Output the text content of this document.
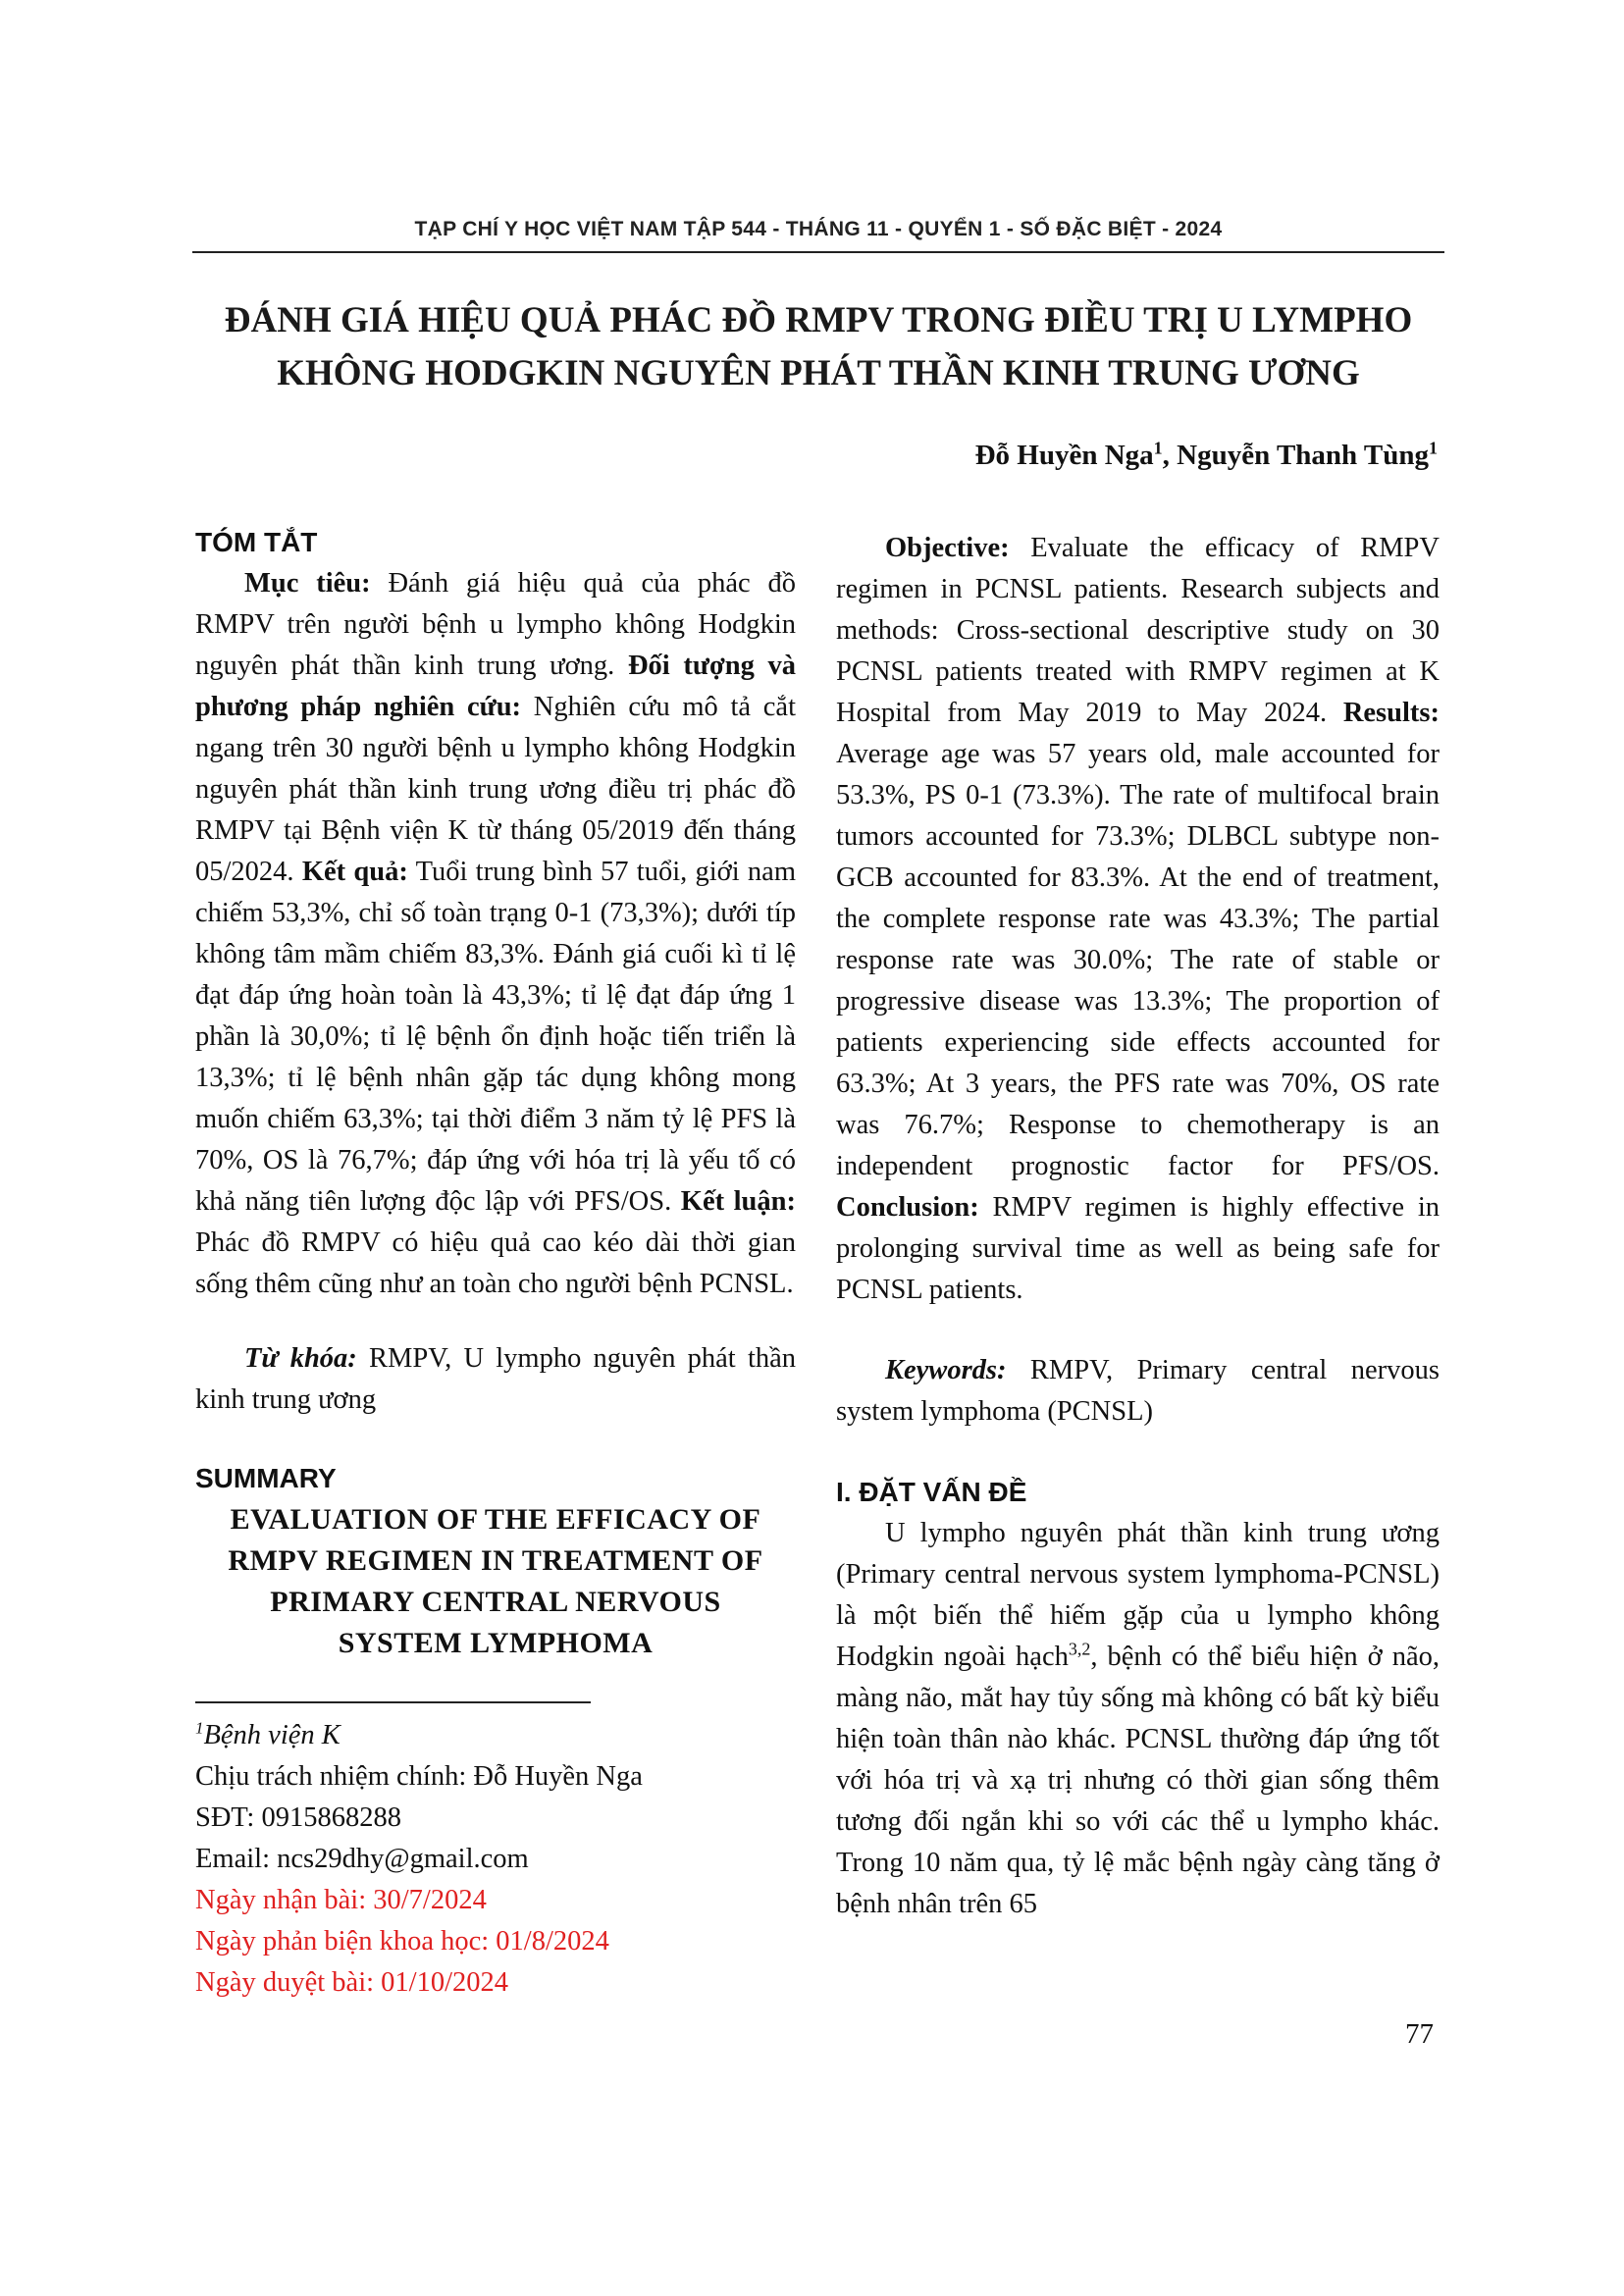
TẠP CHÍ Y HỌC VIỆT NAM TẬP 544 - THÁNG 11 - QUYỂN 1 - SỐ ĐẶC BIỆT - 2024
ĐÁNH GIÁ HIỆU QUẢ PHÁC ĐỒ RMPV TRONG ĐIỀU TRỊ U LYMPHO
KHÔNG HODGKIN NGUYÊN PHÁT THẦN KINH TRUNG ƯƠNG
Đỗ Huyền Nga$^1$, Nguyễn Thanh Tùng$^1$
TÓM TẮT
Mục tiêu: Đánh giá hiệu quả của phác đồ RMPV trên người bệnh u lympho không Hodgkin nguyên phát thần kinh trung ương. Đối tượng và phương pháp nghiên cứu: Nghiên cứu mô tả cắt ngang trên 30 người bệnh u lympho không Hodgkin nguyên phát thần kinh trung ương điều trị phác đồ RMPV tại Bệnh viện K từ tháng 05/2019 đến tháng 05/2024. Kết quả: Tuổi trung bình 57 tuổi, giới nam chiếm 53,3%, chỉ số toàn trạng 0-1 (73,3%); dưới típ không tâm mầm chiếm 83,3%. Đánh giá cuối kì tỉ lệ đạt đáp ứng hoàn toàn là 43,3%; tỉ lệ đạt đáp ứng 1 phần là 30,0%; tỉ lệ bệnh ổn định hoặc tiến triển là 13,3%; tỉ lệ bệnh nhân gặp tác dụng không mong muốn chiếm 63,3%; tại thời điểm 3 năm tỷ lệ PFS là 70%, OS là 76,7%; đáp ứng với hóa trị là yếu tố có khả năng tiên lượng độc lập với PFS/OS. Kết luận: Phác đồ RMPV có hiệu quả cao kéo dài thời gian sống thêm cũng như an toàn cho người bệnh PCNSL.
Từ khóa: RMPV, U lympho nguyên phát thần kinh trung ương
SUMMARY
EVALUATION OF THE EFFICACY OF
RMPV REGIMEN IN TREATMENT OF
PRIMARY CENTRAL NERVOUS
SYSTEM LYMPHOMA
$^1$Bệnh viện K
Chịu trách nhiệm chính: Đỗ Huyền Nga
SĐT: 0915868288
Email: ncs29dhy@gmail.com
Ngày nhận bài: 30/7/2024
Ngày phản biện khoa học: 01/8/2024
Ngày duyệt bài: 01/10/2024
Objective: Evaluate the efficacy of RMPV regimen in PCNSL patients. Research subjects and methods: Cross-sectional descriptive study on 30 PCNSL patients treated with RMPV regimen at K Hospital from May 2019 to May 2024. Results: Average age was 57 years old, male accounted for 53.3%, PS 0-1 (73.3%). The rate of multifocal brain tumors accounted for 73.3%; DLBCL subtype non-GCB accounted for 83.3%. At the end of treatment, the complete response rate was 43.3%; The partial response rate was 30.0%; The rate of stable or progressive disease was 13.3%; The proportion of patients experiencing side effects accounted for 63.3%; At 3 years, the PFS rate was 70%, OS rate was 76.7%; Response to chemotherapy is an independent prognostic factor for PFS/OS. Conclusion: RMPV regimen is highly effective in prolonging survival time as well as being safe for PCNSL patients.
Keywords: RMPV, Primary central nervous system lymphoma (PCNSL)
I. ĐẶT VẤN ĐỀ
U lympho nguyên phát thần kinh trung ương (Primary central nervous system lymphoma-PCNSL) là một biến thể hiếm gặp của u lympho không Hodgkin ngoài hạch$^{3,2}$, bệnh có thể biểu hiện ở não, màng não, mắt hay tủy sống mà không có bất kỳ biểu hiện toàn thân nào khác. PCNSL thường đáp ứng tốt với hóa trị và xạ trị nhưng có thời gian sống thêm tương đối ngắn khi so với các thể u lympho khác. Trong 10 năm qua, tỷ lệ mắc bệnh ngày càng tăng ở bệnh nhân trên 65
77
